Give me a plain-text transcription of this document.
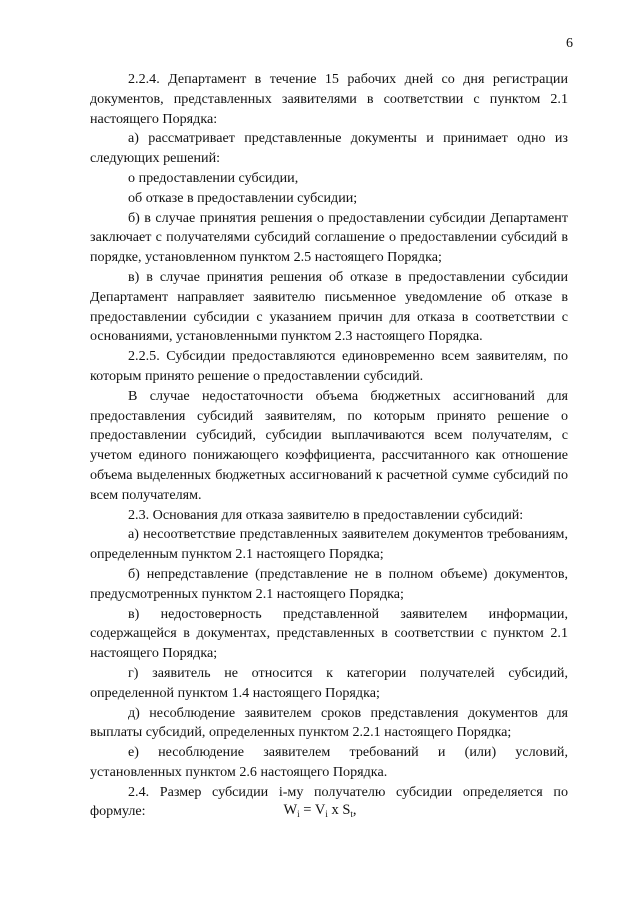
6

2.2.4. Департамент в течение 15 рабочих дней со дня регистрации документов, представленных заявителями в соответствии с пунктом 2.1 настоящего Порядка:

а) рассматривает представленные документы и принимает одно из следующих решений:

о предоставлении субсидии,

об отказе в предоставлении субсидии;

б) в случае принятия решения о предоставлении субсидии Департамент заключает с получателями субсидий соглашение о предоставлении субсидий в порядке, установленном пунктом 2.5 настоящего Порядка;

в) в случае принятия решения об отказе в предоставлении субсидии Департамент направляет заявителю письменное уведомление об отказе в предоставлении субсидии с указанием причин для отказа в соответствии с основаниями, установленными пунктом 2.3 настоящего Порядка.

2.2.5. Субсидии предоставляются единовременно всем заявителям, по которым принято решение о предоставлении субсидий.

В случае недостаточности объема бюджетных ассигнований для предоставления субсидий заявителям, по которым принято решение о предоставлении субсидий, субсидии выплачиваются всем получателям, с учетом единого понижающего коэффициента, рассчитанного как отношение объема выделенных бюджетных ассигнований к расчетной сумме субсидий по всем получателям.

2.3. Основания для отказа заявителю в предоставлении субсидий:

а) несоответствие представленных заявителем документов требованиям, определенным пунктом 2.1 настоящего Порядка;

б) непредставление (представление не в полном объеме) документов, предусмотренных пунктом 2.1 настоящего Порядка;

в) недостоверность представленной заявителем информации, содержащейся в документах, представленных в соответствии с пунктом 2.1 настоящего Порядка;

г) заявитель не относится к категории получателей субсидий, определенной пунктом 1.4 настоящего Порядка;

д) несоблюдение заявителем сроков представления документов для выплаты субсидий, определенных пунктом 2.2.1 настоящего Порядка;

е) несоблюдение заявителем требований и (или) условий, установленных пунктом 2.6 настоящего Порядка.

2.4. Размер субсидии i-му получателю субсидии определяется по формуле:	$W_i = V_i$ x $S_t$,
